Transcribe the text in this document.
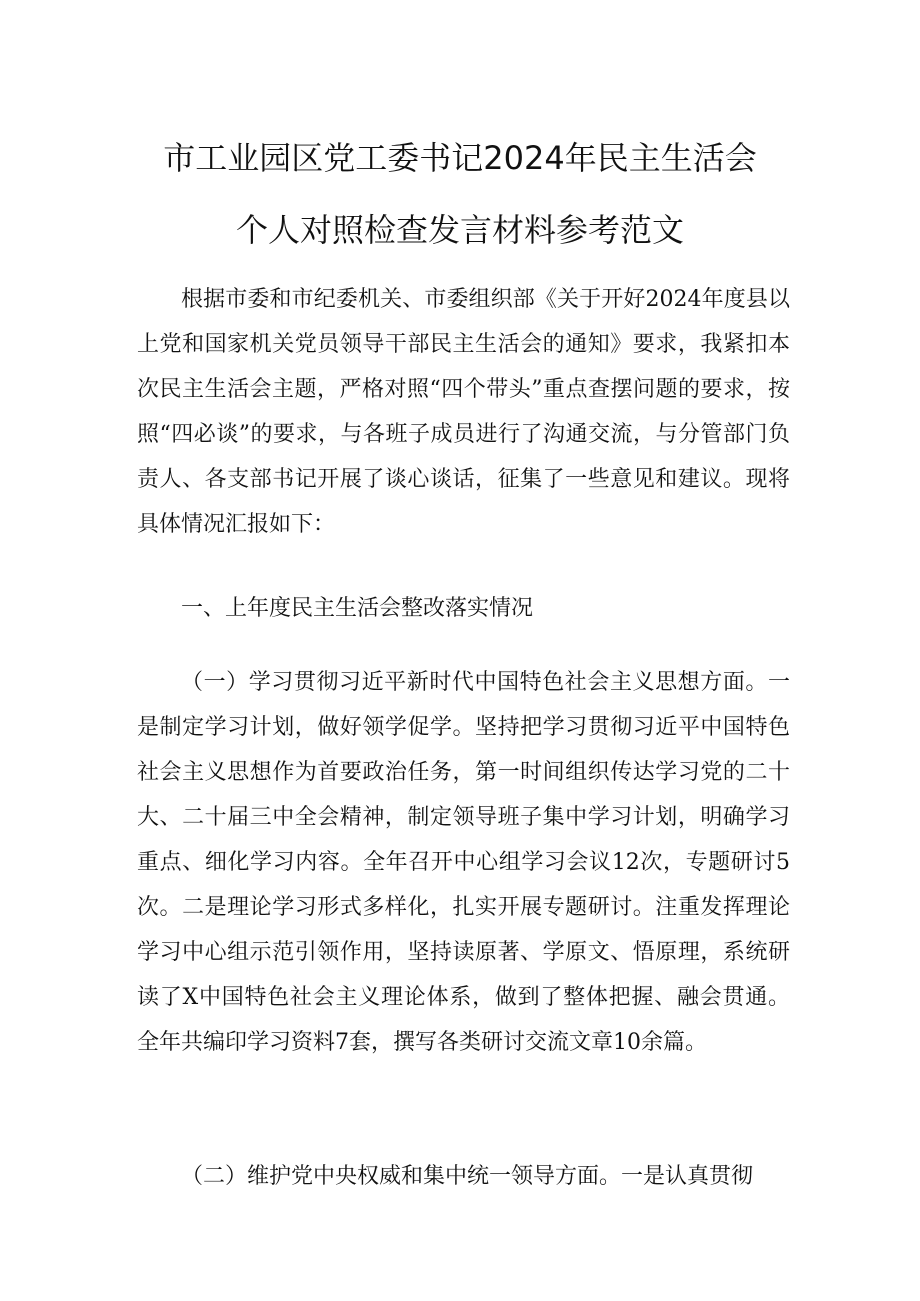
市工业园区党工委书记2024年民主生活会
个人对照检查发言材料参考范文

根据市委和市纪委机关、市委组织部《关于开好2024年度县以上党和国家机关党员领导干部民主生活会的通知》要求，我紧扣本次民主生活会主题，严格对照“四个带头”重点查摆问题的要求，按照“四必谈”的要求，与各班子成员进行了沟通交流，与分管部门负责人、各支部书记开展了谈心谈话，征集了一些意见和建议。现将具体情况汇报如下：

一、上年度民主生活会整改落实情况

（一）学习贯彻习近平新时代中国特色社会主义思想方面。一是制定学习计划，做好领学促学。坚持把学习贯彻习近平中国特色社会主义思想作为首要政治任务，第一时间组织传达学习党的二十大、二十届三中全会精神，制定领导班子集中学习计划，明确学习重点、细化学习内容。全年召开中心组学习会议12次，专题研讨5次。二是理论学习形式多样化，扎实开展专题研讨。注重发挥理论学习中心组示范引领作用，坚持读原著、学原文、悟原理，系统研读了X中国特色社会主义理论体系，做到了整体把握、融会贯通。全年共编印学习资料7套，撰写各类研讨交流文章10余篇。

（二）维护党中央权威和集中统一领导方面。一是认真贯彻
